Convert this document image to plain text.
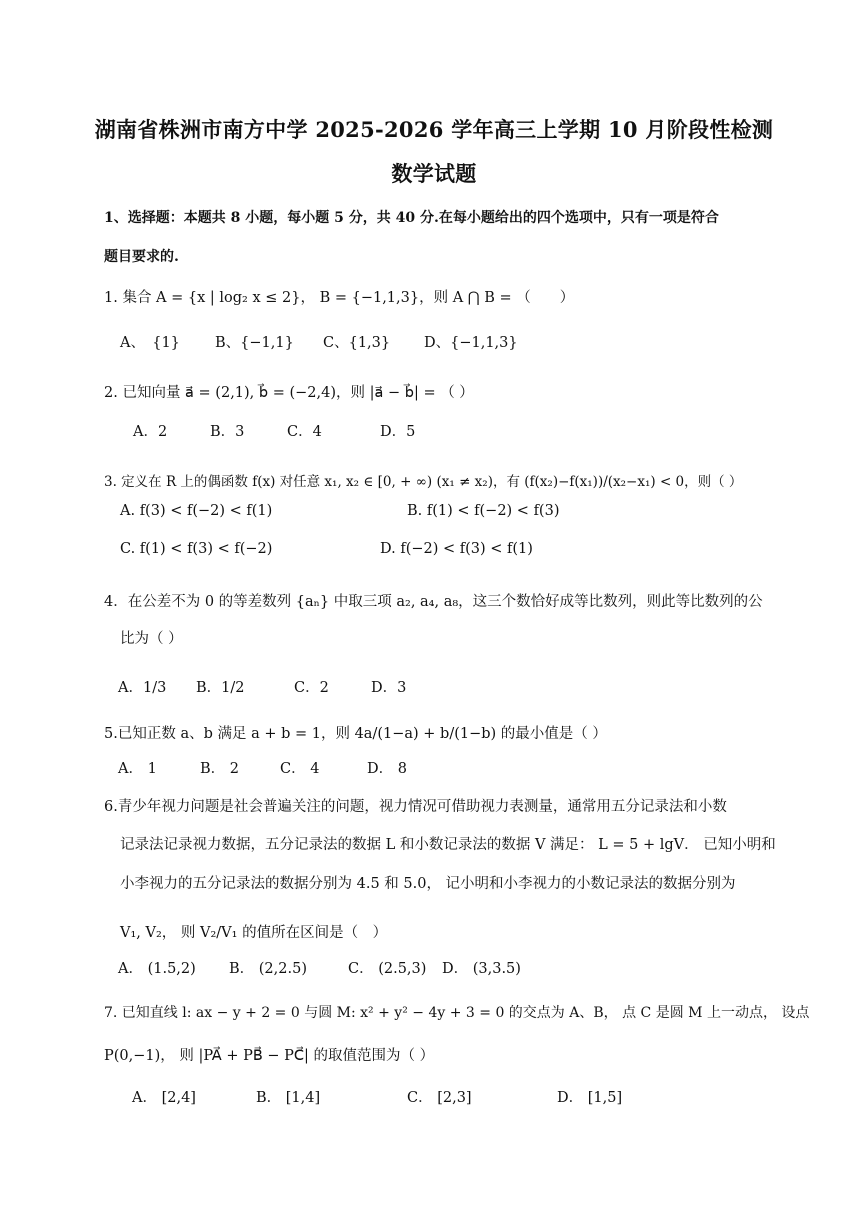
湖南省株洲市南方中学 2025-2026 学年高三上学期 10 月阶段性检测
数学试题
1、选择题：本题共 8 小题，每小题 5 分，共 40 分.在每小题给出的四个选项中，只有一项是符合
题目要求的.
1. 集合 A = {x | log₂ x ≤ 2}， B = {−1,1,3}，则 A ⋂ B = （　　）
A、　{1} B、{−1,1} C、{1,3} D、{−1,1,3}
2. 已知向量 a⃗ = (2,1), b⃗ = (−2,4)，则 |a⃗ − b⃗| = （ ）
A．2	B．3	C．4	D．5
3. 定义在 R 上的偶函数 f(x) 对任意 x₁, x₂ ∈ [0, + ∞) (x₁ ≠ x₂)，有 (f(x₂)−f(x₁))/(x₂−x₁) < 0，则（ ）
A. f(3) < f(−2) < f(1)	B. f(1) < f(−2) < f(3)
C. f(1) < f(3) < f(−2)	D. f(−2) < f(3) < f(1)
4．在公差不为 0 的等差数列 {aₙ} 中取三项 a₂, a₄, a₈，这三个数恰好成等比数列，则此等比数列的公
比为（ ）
A．1/3 B．1/2	C．2	D．3
5.已知正数 a、b 满足 a + b = 1，则 4a/(1−a) + b/(1−b) 的最小值是（ ）
A． 1	B． 2	C． 4	D． 8
6.青少年视力问题是社会普遍关注的问题，视力情况可借助视力表测量，通常用五分记录法和小数
记录法记录视力数据，五分记录法的数据 L 和小数记录法的数据 V 满足： L = 5 + lgV． 已知小明和
小李视力的五分记录法的数据分别为 4.5 和 5.0， 记小明和小李视力的小数记录法的数据分别为
V₁, V₂， 则 V₂/V₁ 的值所在区间是（　）
A． (1.5,2) B． (2,2.5)	C． (2.5,3) D． (3,3.5)
7. 已知直线 l: ax − y + 2 = 0 与圆 M: x² + y² − 4y + 3 = 0 的交点为 A、B， 点 C 是圆 M 上一动点， 设点
P(0,−1)， 则 |PA⃗ + PB⃗ − PC⃗| 的取值范围为（ ）
A． [2,4]	B． [1,4]	C． [2,3]	D． [1,5]
